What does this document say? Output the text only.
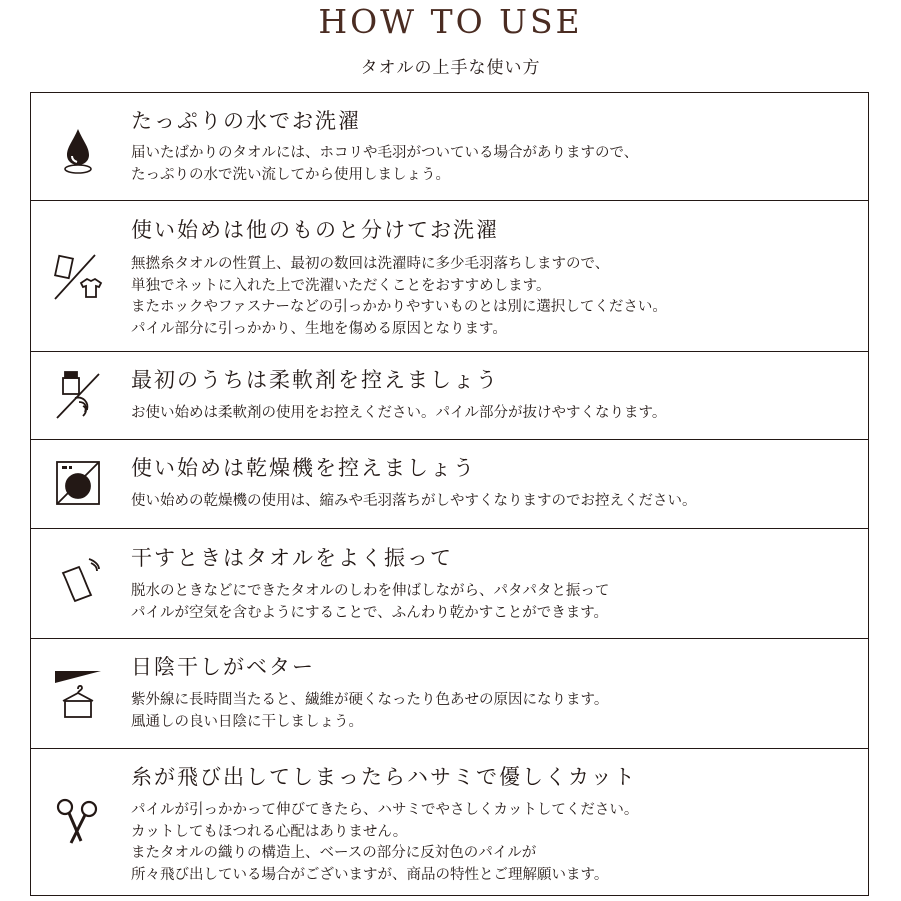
HOW TO USE
タオルの上手な使い方
たっぷりの水でお洗濯
届いたばかりのタオルには、ホコリや毛羽がついている場合がありますので、
たっぷりの水で洗い流してから使用しましょう。
使い始めは他のものと分けてお洗濯
無撚糸タオルの性質上、最初の数回は洗濯時に多少毛羽落ちしますので、
単独でネットに入れた上で洗濯いただくことをおすすめします。
またホックやファスナーなどの引っかかりやすいものとは別に選択してください。
パイル部分に引っかかり、生地を傷める原因となります。
最初のうちは柔軟剤を控えましょう
お使い始めは柔軟剤の使用をお控えください。パイル部分が抜けやすくなります。
使い始めは乾燥機を控えましょう
使い始めの乾燥機の使用は、縮みや毛羽落ちがしやすくなりますのでお控えください。
干すときはタオルをよく振って
脱水のときなどにできたタオルのしわを伸ばしながら、パタパタと振って
パイルが空気を含むようにすることで、ふんわり乾かすことができます。
日陰干しがベター
紫外線に長時間当たると、繊維が硬くなったり色あせの原因になります。
風通しの良い日陰に干しましょう。
糸が飛び出してしまったらハサミで優しくカット
パイルが引っかかって伸びてきたら、ハサミでやさしくカットしてください。
カットしてもほつれる心配はありません。
またタオルの織りの構造上、ベースの部分に反対色のパイルが
所々飛び出している場合がございますが、商品の特性とご理解願います。
